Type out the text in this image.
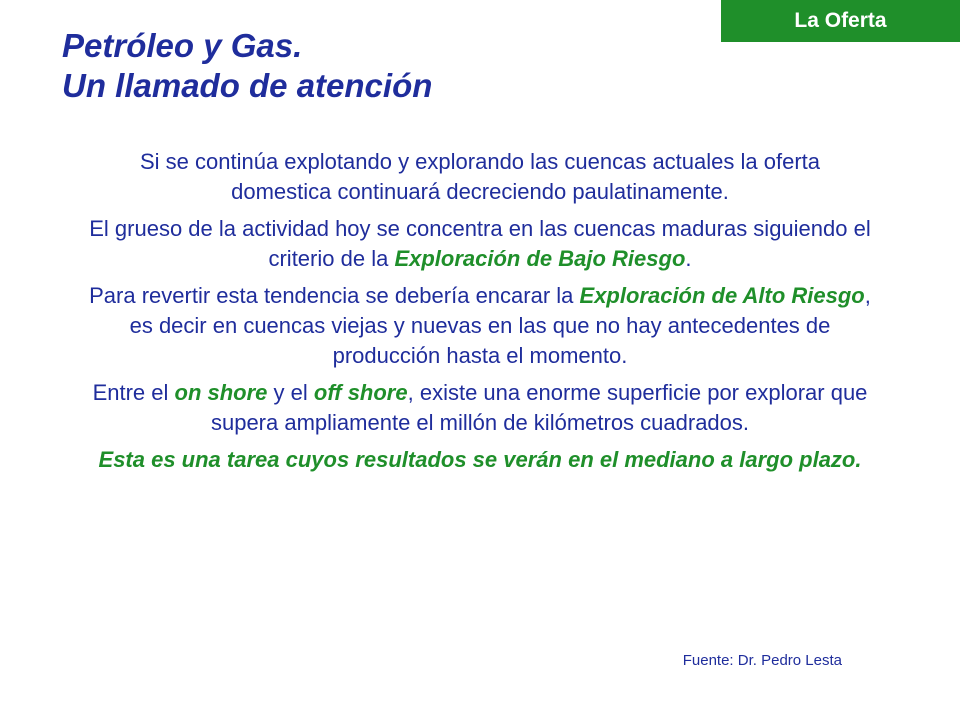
La Oferta
Petróleo y Gas.
Un llamado de atención

Si se continúa explotando y explorando las cuencas actuales la oferta domestica continuará decreciendo paulatinamente.

El grueso de la actividad hoy se concentra en las cuencas maduras siguiendo el criterio de la Exploración de Bajo Riesgo.

Para revertir esta tendencia se debería encarar la Exploración de Alto Riesgo, es decir en cuencas viejas y nuevas en las que no hay antecedentes de producción hasta el momento.

Entre el on shore y el off shore, existe una enorme superficie por explorar que supera ampliamente el millón de kilómetros cuadrados.

Esta es una tarea cuyos resultados se verán en el mediano a largo plazo.

Fuente: Dr. Pedro Lesta
